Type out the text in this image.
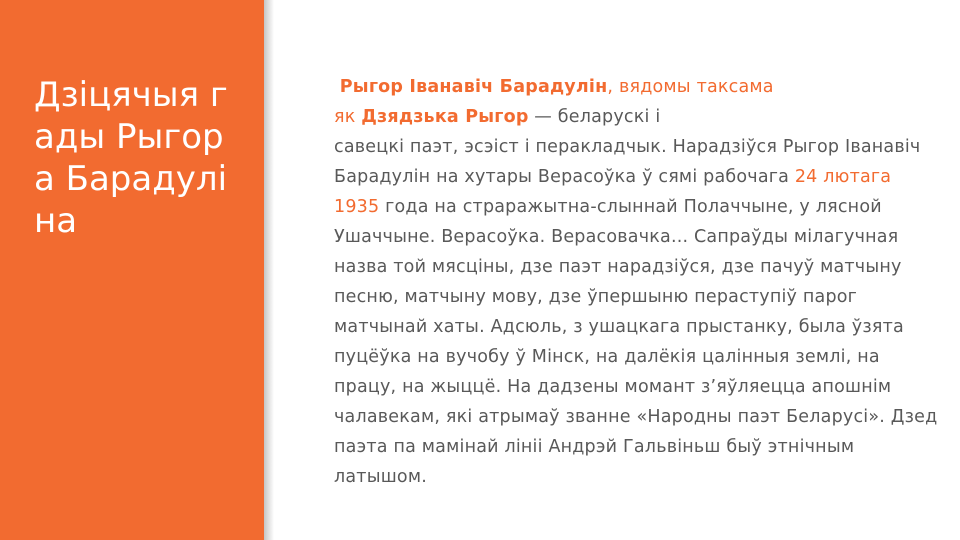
Дзіцячыя гады Рыгора Барадуліна

Рыгор Іванавіч Барадулін, вядомы таксама
як Дзядзька Рыгор — беларускі і
савецкі паэт, эсэіст і перакладчык. Нарадзіўся Рыгор Іванавіч Барадулін на хутары Верасоўка ў сямі рабочага 24 лютага 1935 года на страражытна-слыннай Полаччыне, у лясной Ушаччыне. Верасоўка. Верасовачка... Сапраўды мілагучная назва той мясціны, дзе паэт нарадзіўся, дзе пачуў матчыну песню, матчыну мову, дзе ўпершыню пераступіў парог матчынай хаты. Адсюль, з ушацкага прыстанку, была ўзята пуцёўка на вучобу ў Мінск, на далёкія цалінныя землі, на працу, на жыццё. На дадзены момант з’яўляецца апошнім чалавекам, які атрымаў званне «Народны паэт Беларусі». Дзед паэта па мамінай лініі Андрэй Гальвіньш быў этнічным латышом.
